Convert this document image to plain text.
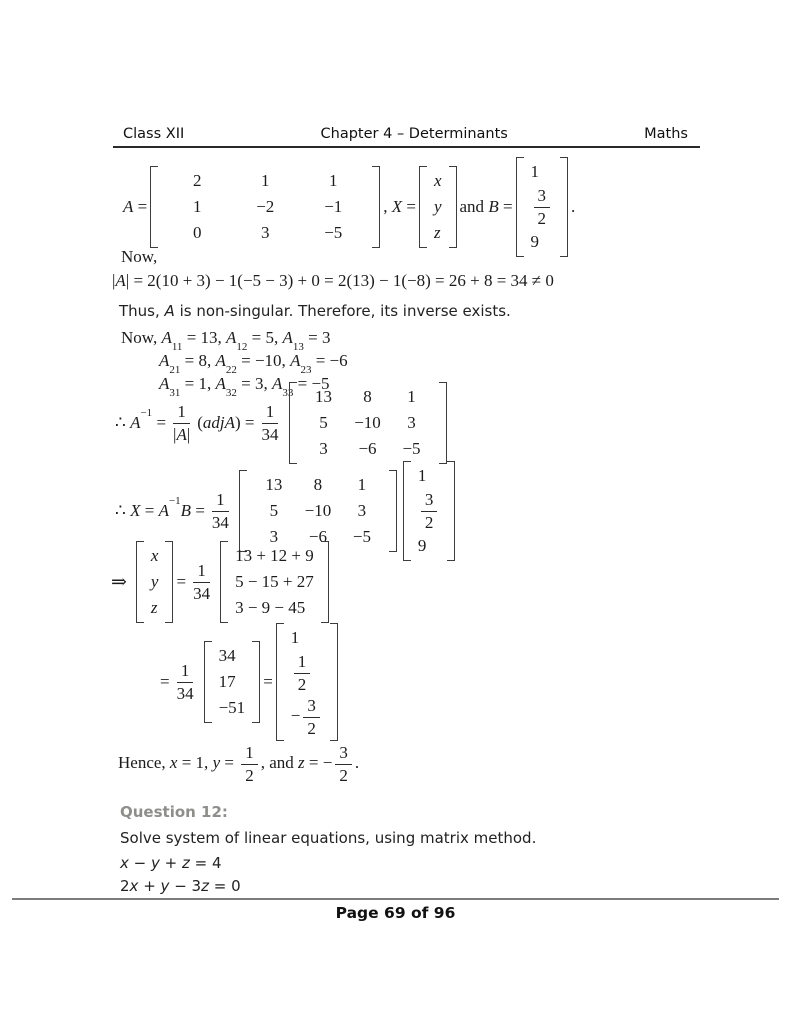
Class XII	Chapter 4 – Determinants	Maths
A =
2	1	1
1	−2	−1
0	3	−5
, X =
x
y
z
and B =
1
$\frac{3}{2}$
9
.
Now,
|A| = 2(10 + 3) − 1(−5 − 3) + 0 = 2(13) − 1(−8) = 26 + 8 = 34 ≠ 0
Thus, A is non-singular. Therefore, its inverse exists.
Now, $A_{11} = 13$, $A_{12} = 5$, $A_{13} = 3$
$A_{21} = 8$, $A_{22} = -10$, $A_{23} = -6$
$A_{31} = 1$, $A_{32} = 3$, $A_{33} = -5$
∴ $A^{-1} = \frac{1}{|A|}$ (adjA) = $\frac{1}{34}$
13	8	1
5	−10	3
3	−6	−5
∴ $X = A^{-1}B = \frac{1}{34}$
13	8	1
5	−10	3
3	−6	−5
1
$\frac{3}{2}$
9
⇒
x
y
z
= $\frac{1}{34}$
13 + 12 + 9
5 − 15 + 27
3 − 9 − 45
= $\frac{1}{34}$
34
17
−51
=
1
$\frac{1}{2}$
− $\frac{3}{2}$
Hence, x = 1, $y = \frac{1}{2}$ , and z = − $\frac{3}{2}$ .
Question 12:
Solve system of linear equations, using matrix method.
x − y + z = 4
2x + y − 3z = 0
Page 69 of 96
